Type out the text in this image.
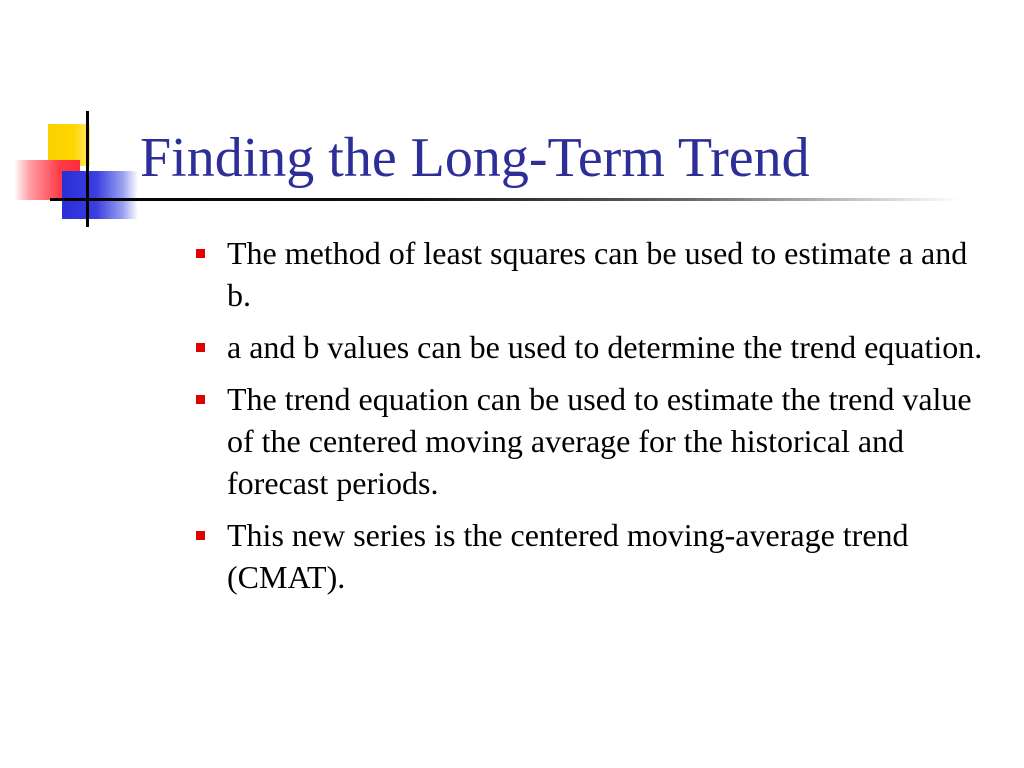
Finding the Long-Term Trend
The method of least squares can be used to estimate a and b.
a and b values can be used to determine the trend equation.
The trend equation can be used to estimate the trend value of the centered moving average for the historical and forecast periods.
This new series is the centered moving-average trend (CMAT).
